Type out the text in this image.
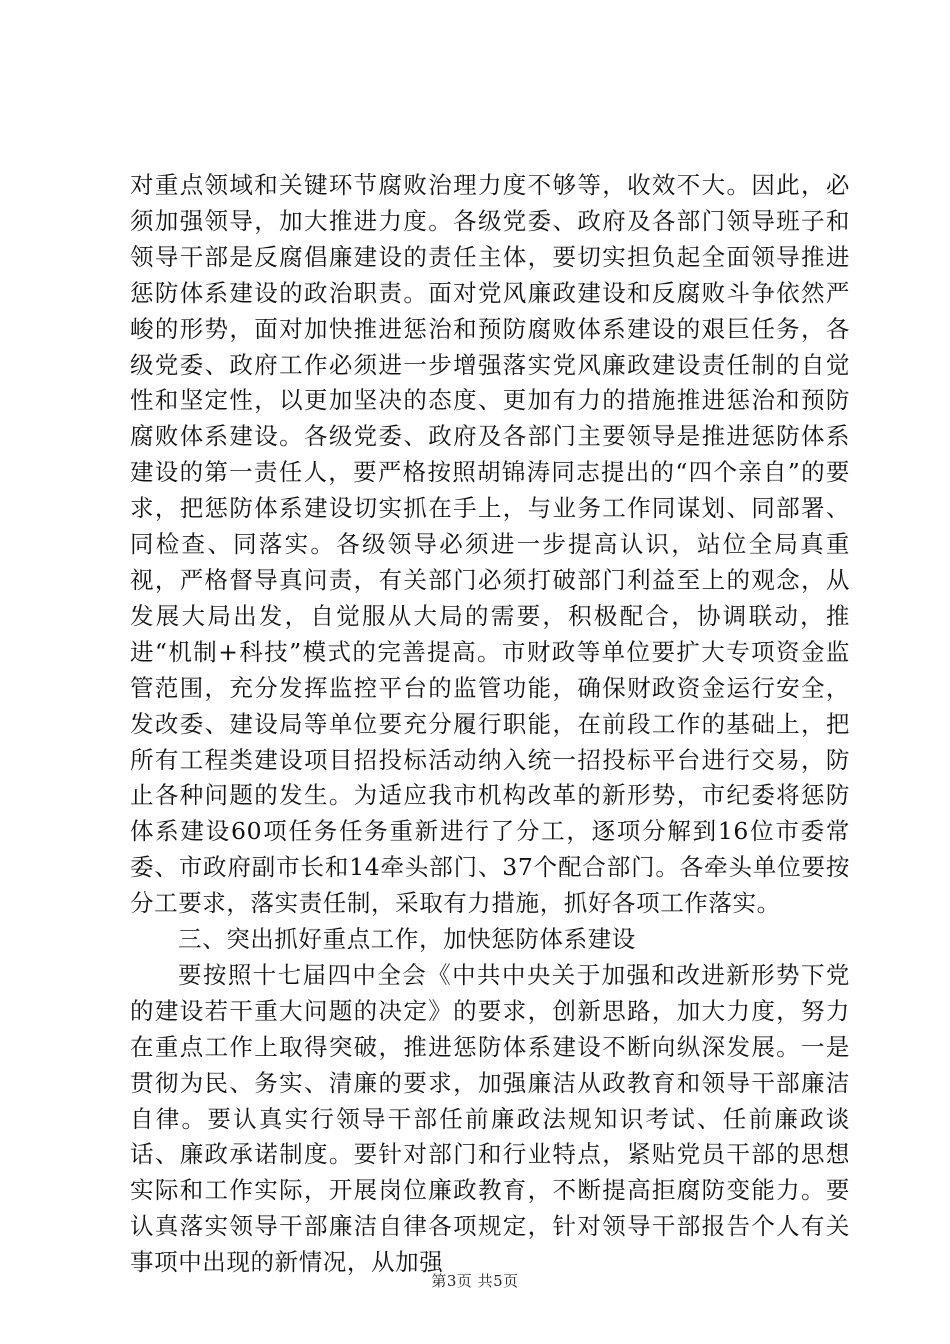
对重点领域和关键环节腐败治理力度不够等，收效不大。因此，必须加强领导，加大推进力度。各级党委、政府及各部门领导班子和领导干部是反腐倡廉建设的责任主体，要切实担负起全面领导推进惩防体系建设的政治职责。面对党风廉政建设和反腐败斗争依然严峻的形势，面对加快推进惩治和预防腐败体系建设的艰巨任务，各级党委、政府工作必须进一步增强落实党风廉政建设责任制的自觉性和坚定性，以更加坚决的态度、更加有力的措施推进惩治和预防腐败体系建设。各级党委、政府及各部门主要领导是推进惩防体系建设的第一责任人，要严格按照胡锦涛同志提出的“四个亲自”的要求，把惩防体系建设切实抓在手上，与业务工作同谋划、同部署、同检查、同落实。各级领导必须进一步提高认识，站位全局真重视，严格督导真问责，有关部门必须打破部门利益至上的观念，从发展大局出发，自觉服从大局的需要，积极配合，协调联动，推进“机制+科技”模式的完善提高。市财政等单位要扩大专项资金监管范围，充分发挥监控平台的监管功能，确保财政资金运行安全，发改委、建设局等单位要充分履行职能，在前段工作的基础上，把所有工程类建设项目招投标活动纳入统一招投标平台进行交易，防止各种问题的发生。为适应我市机构改革的新形势，市纪委将惩防体系建设60项任务任务重新进行了分工，逐项分解到16位市委常委、市政府副市长和14牵头部门、37个配合部门。各牵头单位要按分工要求，落实责任制，采取有力措施，抓好各项工作落实。

三、突出抓好重点工作，加快惩防体系建设

要按照十七届四中全会《中共中央关于加强和改进新形势下党的建设若干重大问题的决定》的要求，创新思路，加大力度，努力在重点工作上取得突破，推进惩防体系建设不断向纵深发展。一是贯彻为民、务实、清廉的要求，加强廉洁从政教育和领导干部廉洁自律。要认真实行领导干部任前廉政法规知识考试、任前廉政谈话、廉政承诺制度。要针对部门和行业特点，紧贴党员干部的思想实际和工作实际，开展岗位廉政教育，不断提高拒腐防变能力。要认真落实领导干部廉洁自律各项规定，针对领导干部报告个人有关事项中出现的新情况，从加强

第3页 共5页
